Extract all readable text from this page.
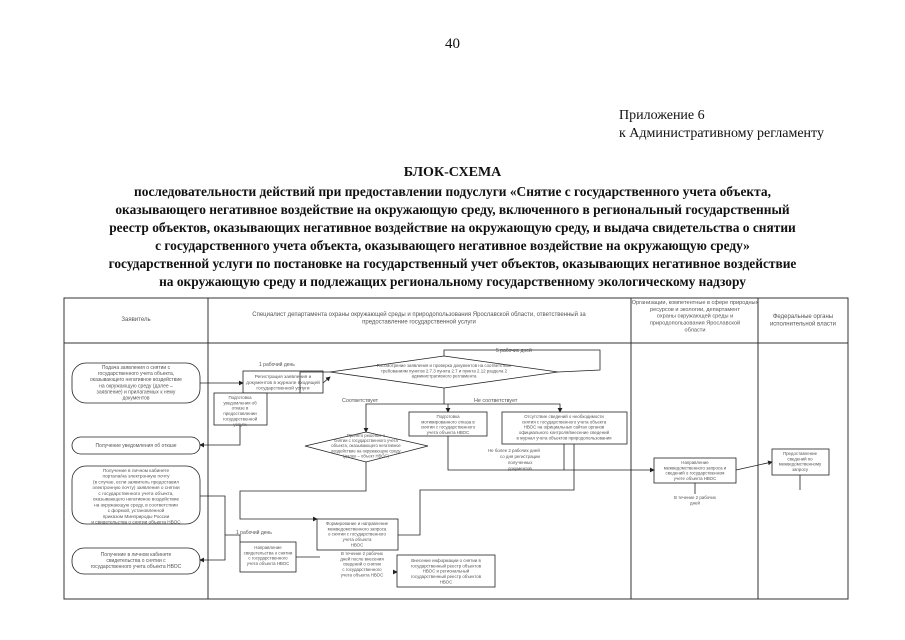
40
Приложение 6
к Административному регламенту
БЛОК-СХЕМА
последовательности действий при предоставлении подуслуги «Снятие с государственного учета объекта,
оказывающего негативное воздействие на окружающую среду, включенного в региональный государственный
реестр объектов, оказывающих негативное воздействие на окружающую среду, и выдача свидетельства о снятии
с государственного учета объекта, оказывающего негативное воздействие на окружающую среду»
государственной услуги по постановке на государственный учет объектов, оказывающих негативное воздействие
на окружающую среду и подлежащих региональному государственному экологическому надзору
Заявитель
Специалист департамента охраны окружающей среды и природопользования Ярославской области, ответственный за
предоставление государственной услуги
Организации, компетентные в сфере природных
ресурсов и экологии, департамент
охраны окружающей среды и
природопользования Ярославской
области
Федеральные органы
исполнительной власти
Подача заявления о снятии с
государственного учета объекта,
оказывающего негативное воздействие
на окружающую среду (далее –
заявление) и прилагаемых к нему
документов
Получение уведомления об отказе
Получение в личном кабинете
портала/на электронную почту
(в случае, если заявитель предоставил
электронную почту) заявления о снятии
с государственного учета объекта,
оказывающего негативное воздействие
на окружающую среду, в соответствии
с формой, установленной
приказом Минприроды России
и свидетельства о снятии объекта НВОС
Получение в личном кабинете
свидетельства о снятии с
государственного учета объекта НВОС
Регистрация заявления и
документов в журнале входящей
государственной услуги
Рассмотрение заявления и проверка документов на соответствие
требованиям пунктов 2.7.3 пункта 2.7 и пункта 2.12 раздела 2
административного регламента
Подготовка
уведомления об
отказе в
предоставлении
государственной
услуги
Принято решение о
снятии с государственного учета
объекта, оказывающего негативное
воздействие на окружающую среду
(далее – объект НВОС)
Подготовка
мотивированного отказа в
снятии с государственного
учета объекта НВОС
Отсутствие сведений о необходимости
снятия с государственного учета объекта
НВОС на официальных сайтах органов
официального контроля/внесение сведений
в журнал учета объектов природопользования
Формирование и направление
межведомственного запроса
о снятии с государственного
учета объекта
НВОС
Направление
свидетельства о снятии
с государственного
учета объекта НВОС
В течение 2 рабочих
дней после внесения
сведений о снятии
с государственного
учета объекта НВОС
Внесение информации о снятии в
государственный реестр объектов
НВОС и региональный
государственный реестр объектов
НВОС
Направление
межведомственного запроса и
сведений о государственном
учете объекта НВОС
В течение 2 рабочих
дней
Предоставление
сведений по
межведомственному
запросу
1 рабочий день
5 рабочих дней
Соответствует	Не соответствует
Не более 2 рабочих дней
со дня регистрации
полученных
документов
1 рабочий день
